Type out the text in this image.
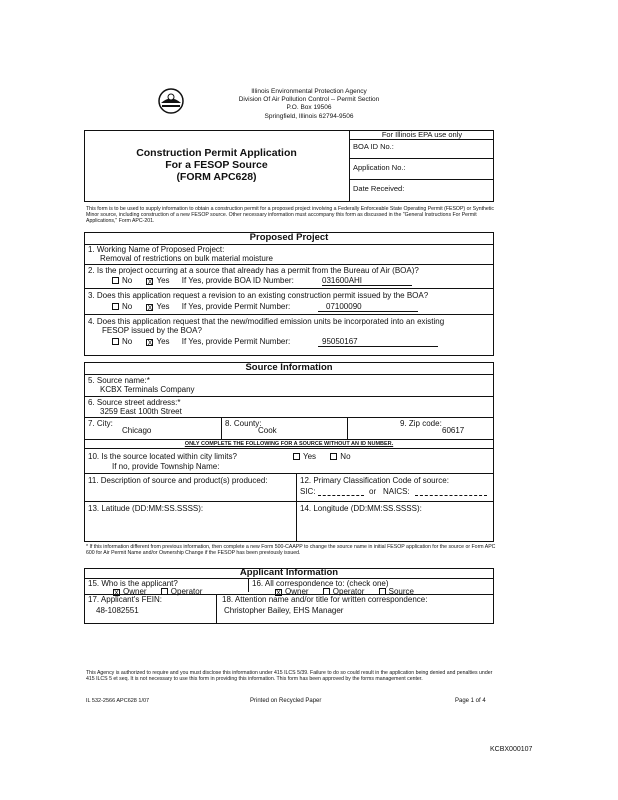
Illinois Environmental Protection Agency
Division Of Air Pollution Control -- Permit Section
P.O. Box 19506
Springfield, Illinois 62794-9506
Construction Permit Application
For a FESOP Source
(FORM APC628)
For Illinois EPA use only
BOA ID No.:
Application No.:
Date Received:
This form is to be used to supply information to obtain a construction permit for a proposed project involving a Federally Enforceable State Operating Permit (FESOP) or Synthetic Minor source, including construction of a new FESOP source. Other necessary information must accompany this form as discussed in the "General Instructions For Permit Applications," Form APC-201.
Proposed Project
1. Working Name of Proposed Project:
Removal of restrictions on bulk material moisture
2. Is the project occurring at a source that already has a permit from the Bureau of Air (BOA)?
No X Yes If Yes, provide BOA ID Number:	031600AHI
3. Does this application request a revision to an existing construction permit issued by the BOA?
No X Yes If Yes, provide Permit Number:	07100090
4. Does this application request that the new/modified emission units be incorporated into an existing
FESOP issued by the BOA?
No X Yes If Yes, provide Permit Number:	95050167
Source Information
5. Source name:*
KCBX Terminals Company
6. Source street address:*
3259 East 100th Street
7. City:
Chicago
8. County:
Cook
9. Zip code:
60617
ONLY COMPLETE THE FOLLOWING FOR A SOURCE WITHOUT AN ID NUMBER.
10. Is the source located within city limits?	Yes	No
If no, provide Township Name:
11. Description of source and product(s) produced:	12. Primary Classification Code of source:
SIC:	or NAICS:
13. Latitude (DD:MM:SS.SSSS):	14. Longitude (DD:MM:SS.SSSS):
* If this information different from previous information, then complete a new Form 500-CAAPP to change the source name in initial FESOP application for the source or Form APC 600 for Air Permit Name and/or Ownership Change if the FESOP has been previously issued.
Applicant Information
15. Who is the applicant?
X Owner	Operator
16. All correspondence to: (check one)
X Owner	Operator	Source
17. Applicant's FEIN:
48-1082551
18. Attention name and/or title for written correspondence:
Christopher Bailey, EHS Manager
This Agency is authorized to require and you must disclose this information under 415 ILCS 5/39. Failure to do so could result in the application being denied and penalties under 415 ILCS 5 et seq. It is not necessary to use this form in providing this information. This form has been approved by the forms management center.
IL 532-2566 APC628 1/07	Printed on Recycled Paper	Page 1 of 4
KCBX000107
